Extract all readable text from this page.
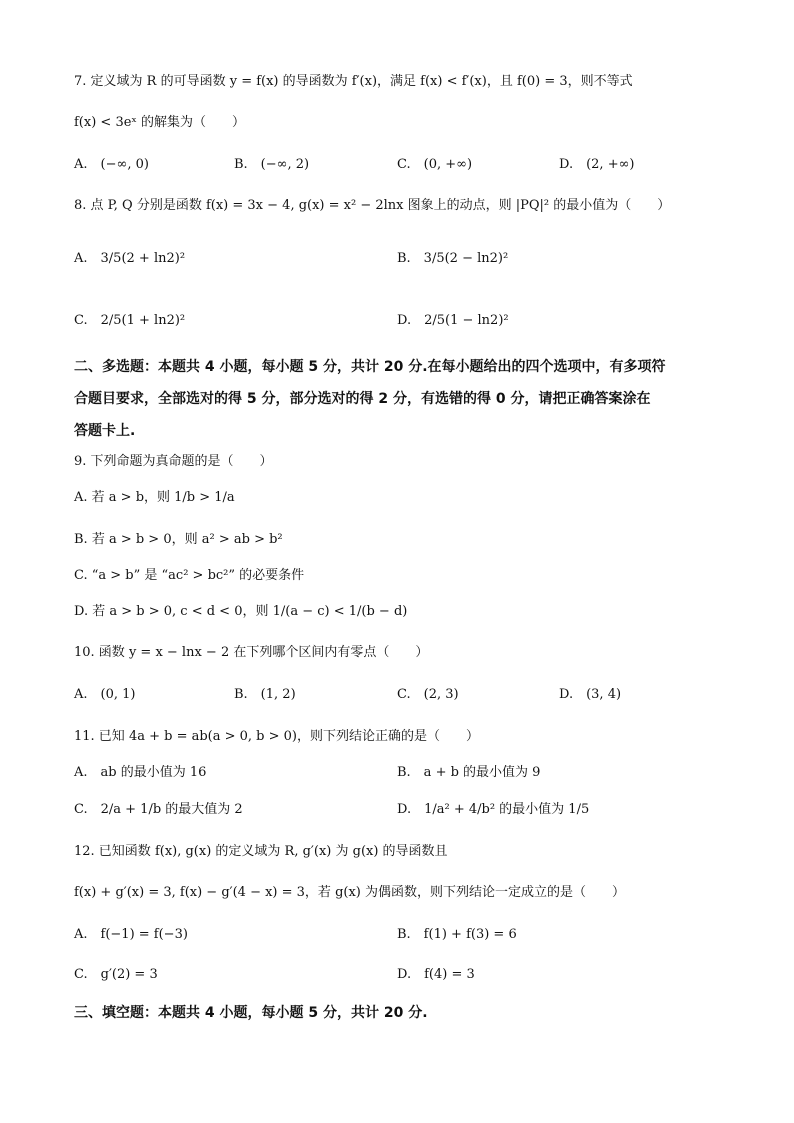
7. 定义域为 R 的可导函数 y = f(x) 的导函数为 f′(x)，满足 f(x) < f′(x)，且 f(0) = 3，则不等式
f(x) < 3eˣ 的解集为（　　）
A.　(−∞, 0)	B.　(−∞, 2)	C.　(0, +∞)	D.　(2, +∞)
8. 点 P, Q 分别是函数 f(x) = 3x − 4, g(x) = x² − 2lnx 图象上的动点，则 |PQ|² 的最小值为（　　）
A.　3/5(2 + ln2)²	B.　3/5(2 − ln2)²
C.　2/5(1 + ln2)²	D.　2/5(1 − ln2)²
二、多选题：本题共 4 小题，每小题 5 分，共计 20 分.在每小题给出的四个选项中，有多项符
合题目要求，全部选对的得 5 分，部分选对的得 2 分，有选错的得 0 分，请把正确答案涂在
答题卡上.
9. 下列命题为真命题的是（　　）
A. 若 a > b，则 1/b > 1/a
B. 若 a > b > 0，则 a² > ab > b²
C. “a > b” 是 “ac² > bc²” 的必要条件
D. 若 a > b > 0, c < d < 0，则 1/(a − c) < 1/(b − d)
10. 函数 y = x − lnx − 2 在下列哪个区间内有零点（　　）
A.　(0, 1)	B.　(1, 2)	C.　(2, 3)	D.　(3, 4)
11. 已知 4a + b = ab(a > 0, b > 0)，则下列结论正确的是（　　）
A.　ab 的最小值为 16	B.　a + b 的最小值为 9
C.　2/a + 1/b 的最大值为 2	D.　1/a² + 4/b² 的最小值为 1/5
12. 已知函数 f(x), g(x) 的定义域为 R, g′(x) 为 g(x) 的导函数且
f(x) + g′(x) = 3, f(x) − g′(4 − x) = 3，若 g(x) 为偶函数，则下列结论一定成立的是（　　）
A.　f(−1) = f(−3)	B.　f(1) + f(3) = 6
C.　g′(2) = 3	D.　f(4) = 3
三、填空题：本题共 4 小题，每小题 5 分，共计 20 分.
